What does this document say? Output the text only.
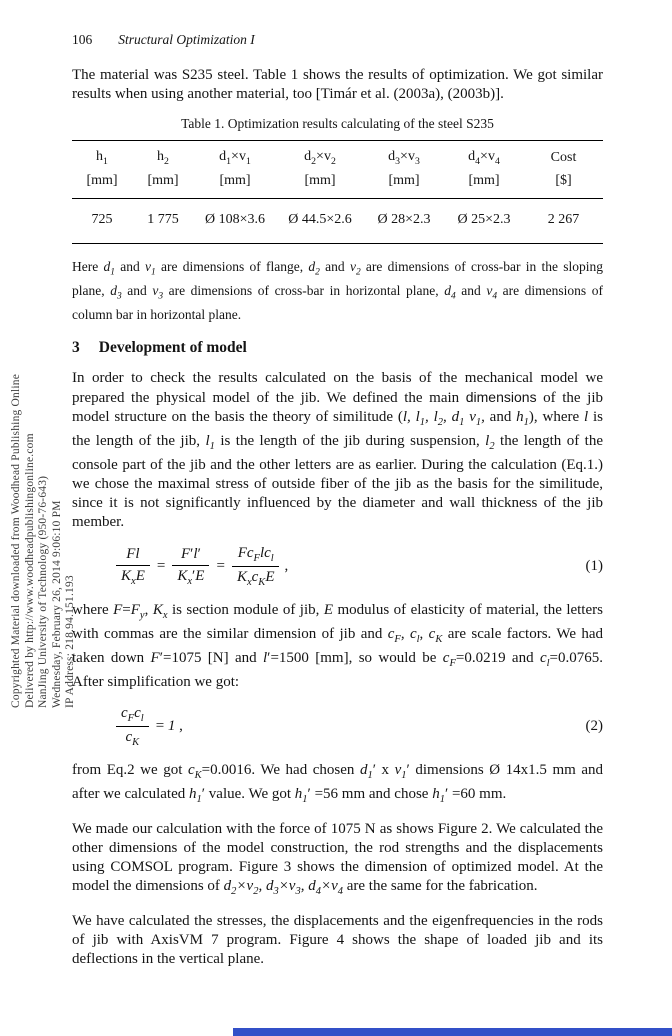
Copyrighted Material downloaded from Woodhead Publishing Online Delivered by http://www.woodheadpublishingonline.com NanJing University of Technology (950-76-643) Wednesday, February 26, 2014 9:06:10 PM IP Address: 218.94.151.193
106 Structural Optimization I

The material was S235 steel. Table 1 shows the results of optimization. We got similar results when using another material, too [Timár et al. (2003a), (2003b)].

Table 1. Optimization results calculating of the steel S235
$h_1$	$h_2$	$d_1\times v_1$	$d_2\times v_2$	$d_3\times v_3$	$d_4\times v_4$	Cost
[mm]	[mm]	[mm]	[mm]	[mm]	[mm]	[$]
725	1 775	Ø 108×3.6	Ø 44.5×2.6	Ø 28×2.3	Ø 25×2.3	2 267

Here $d_1$ and $v_1$ are dimensions of flange, $d_2$ and $v_2$ are dimensions of cross-bar in the sloping plane, $d_3$ and $v_3$ are dimensions of cross-bar in horizontal plane, $d_4$ and $v_4$ are dimensions of column bar in horizontal plane.

3 Development of model

In order to check the results calculated on the basis of the mechanical model we prepared the physical model of the jib. We defined the main dimensions of the jib model structure on the basis the theory of similitude (l, $l_1$, $l_2$, $d_1$ $v_1$, and $h_1$), where l is the length of the jib, $l_1$ is the length of the jib during suspension, $l_2$ the length of the console part of the jib and the other letters are as earlier. During the calculation (Eq.1.) we chose the maximal stress of outside fiber of the jib as the basis for the similitude, since it is not significantly influenced by the diameter and wall thickness of the jib member.

$\frac{Fl}{K_xE} = \frac{F'l'}{K_x'E} = \frac{Fc_Flc_l}{K_xc_KE}$ ,	(1)

where $F=F_y$, $K_x$ is section module of jib, E modulus of elasticity of material, the letters with commas are the similar dimension of jib and $c_F$, $c_l$, $c_K$ are scale factors. We had taken down F′=1075 [N] and l′=1500 [mm], so would be $c_F=0.0219$ and $c_l=0.0765$. After simplification we got:

$\frac{c_Fc_l}{c_K} = 1$ ,	(2)

from Eq.2 we got $c_K=0.0016$. We had chosen $d_1'$ x $v_1'$ dimensions Ø 14x1.5 mm and after we calculated $h_1'$ value. We got $h_1' =56$ mm and chose $h_1' =60$ mm.

We made our calculation with the force of 1075 N as shows Figure 2. We calculated the other dimensions of the model construction, the rod strengths and the displacements using COMSOL program. Figure 3 shows the dimension of optimized model. At the model the dimensions of $d_2\times v_2$, $d_3\times v_3$, $d_4\times v_4$ are the same for the fabrication.

We have calculated the stresses, the displacements and the eigenfrequencies in the rods of jib with AxisVM 7 program. Figure 4 shows the shape of loaded jib and its deflections in the vertical plane.
